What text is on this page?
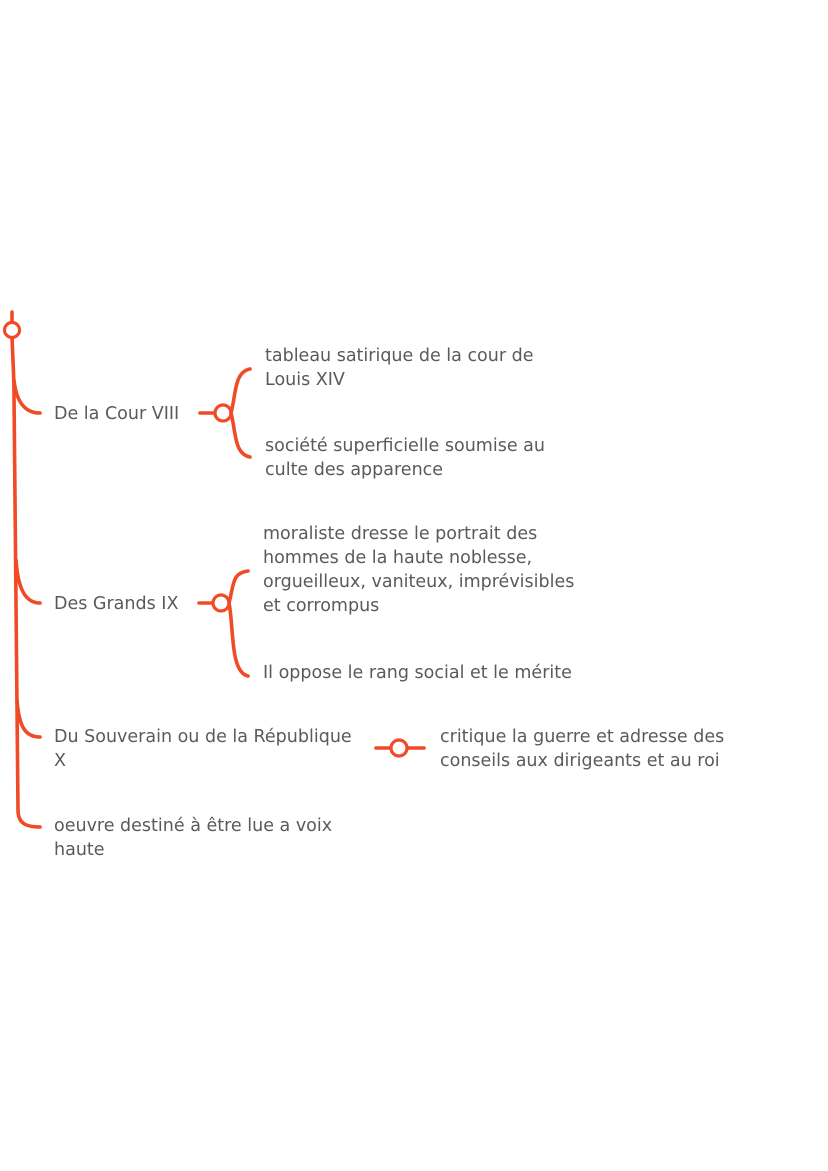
De la Cour VIII
Des Grands IX
Du Souverain ou de la République X
oeuvre destiné à être lue a voix haute
tableau satirique de la cour de Louis XIV
société superficielle soumise au culte des apparence
moraliste dresse le portrait des hommes de la haute noblesse, orgueilleux, vaniteux, imprévisibles et corrompus
Il oppose le rang social et le mérite
critique la guerre et adresse des conseils aux dirigeants et au roi
